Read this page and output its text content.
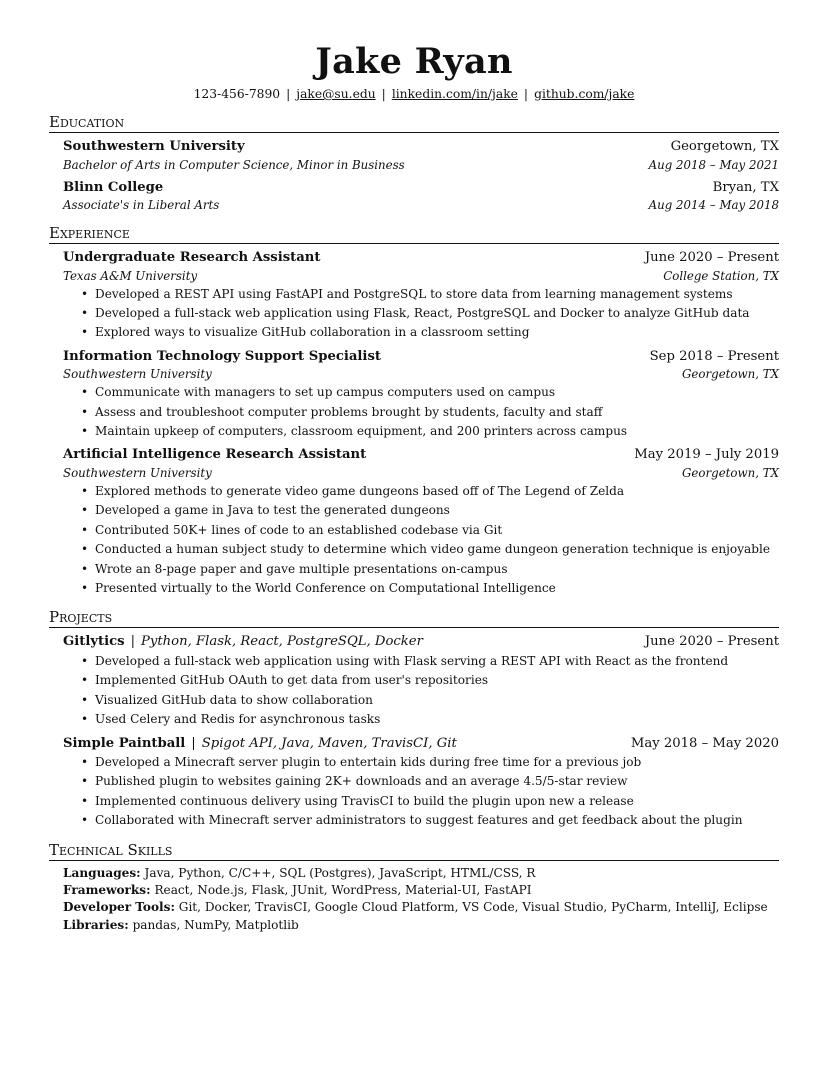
Jake Ryan
123-456-7890 | jake@su.edu | linkedin.com/in/jake | github.com/jake
Education
Southwestern University	Georgetown, TX
Bachelor of Arts in Computer Science, Minor in Business	Aug 2018 – May 2021
Blinn College	Bryan, TX
Associate's in Liberal Arts	Aug 2014 – May 2018
Experience
Undergraduate Research Assistant	June 2020 – Present
Texas A&M University	College Station, TX
• Developed a REST API using FastAPI and PostgreSQL to store data from learning management systems
• Developed a full-stack web application using Flask, React, PostgreSQL and Docker to analyze GitHub data
• Explored ways to visualize GitHub collaboration in a classroom setting
Information Technology Support Specialist	Sep 2018 – Present
Southwestern University	Georgetown, TX
• Communicate with managers to set up campus computers used on campus
• Assess and troubleshoot computer problems brought by students, faculty and staff
• Maintain upkeep of computers, classroom equipment, and 200 printers across campus
Artificial Intelligence Research Assistant	May 2019 – July 2019
Southwestern University	Georgetown, TX
• Explored methods to generate video game dungeons based off of The Legend of Zelda
• Developed a game in Java to test the generated dungeons
• Contributed 50K+ lines of code to an established codebase via Git
• Conducted a human subject study to determine which video game dungeon generation technique is enjoyable
• Wrote an 8-page paper and gave multiple presentations on-campus
• Presented virtually to the World Conference on Computational Intelligence
Projects
Gitlytics | Python, Flask, React, PostgreSQL, Docker	June 2020 – Present
• Developed a full-stack web application using with Flask serving a REST API with React as the frontend
• Implemented GitHub OAuth to get data from user's repositories
• Visualized GitHub data to show collaboration
• Used Celery and Redis for asynchronous tasks
Simple Paintball | Spigot API, Java, Maven, TravisCI, Git	May 2018 – May 2020
• Developed a Minecraft server plugin to entertain kids during free time for a previous job
• Published plugin to websites gaining 2K+ downloads and an average 4.5/5-star review
• Implemented continuous delivery using TravisCI to build the plugin upon new a release
• Collaborated with Minecraft server administrators to suggest features and get feedback about the plugin
Technical Skills
Languages: Java, Python, C/C++, SQL (Postgres), JavaScript, HTML/CSS, R
Frameworks: React, Node.js, Flask, JUnit, WordPress, Material-UI, FastAPI
Developer Tools: Git, Docker, TravisCI, Google Cloud Platform, VS Code, Visual Studio, PyCharm, IntelliJ, Eclipse
Libraries: pandas, NumPy, Matplotlib
